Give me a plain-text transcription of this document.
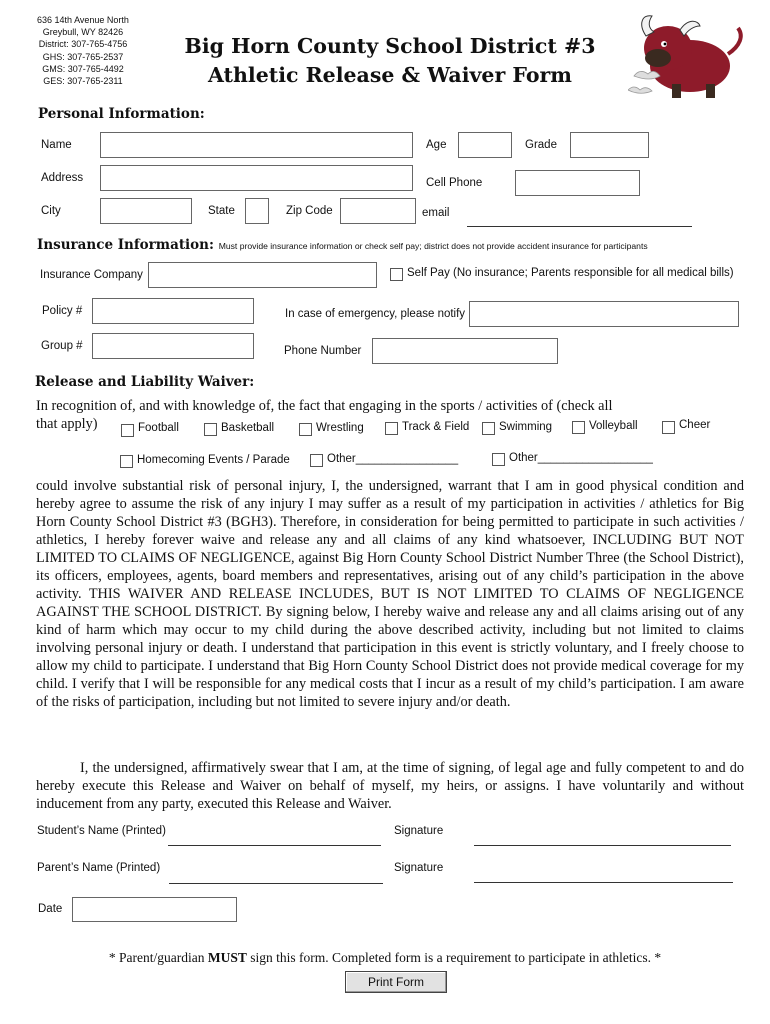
636 14th Avenue North
Greybull, WY 82426
District: 307-765-4756
GHS: 307-765-2537
GMS: 307-765-4492
GES: 307-765-2311
Big Horn County School District #3
Athletic Release & Waiver Form
Personal Information:
Name	Age	Grade
Address	Cell Phone
City	State	Zip Code	email
Insurance Information: Must provide insurance information or check self pay; district does not provide accident insurance for participants
Insurance Company	Self Pay (No insurance; Parents responsible for all medical bills)
Policy #	In case of emergency, please notify
Group #	Phone Number
Release and Liability Waiver:
In recognition of, and with knowledge of, the fact that engaging in the sports / activities of (check all
that apply)	Football	Basketball	Wrestling	Track & Field	Swimming	Volleyball	Cheer
Homecoming Events / Parade	Other________________	Other__________________
could involve substantial risk of personal injury, I, the undersigned, warrant that I am in good physical condition and hereby agree to assume the risk of any injury I may suffer as a result of my participation in activities / athletics for Big Horn County School District #3 (BGH3). Therefore, in consideration for being permitted to participate in such activities / athletics, I hereby forever waive and release any and all claims of any kind whatsoever, INCLUDING BUT NOT LIMITED TO CLAIMS OF NEGLIGENCE, against Big Horn County School District Number Three (the School District), its officers, employees, agents, board members and representatives, arising out of any child’s participation in the above activity. THIS WAIVER AND RELEASE INCLUDES, BUT IS NOT LIMITED TO CLAIMS OF NEGLIGENCE AGAINST THE SCHOOL DISTRICT. By signing below, I hereby waive and release any and all claims arising out of any kind of harm which may occur to my child during the above described activity, including but not limited to claims involving personal injury or death. I understand that participation in this event is strictly voluntary, and I freely choose to allow my child to participate. I understand that Big Horn County School District does not provide medical coverage for my child. I verify that I will be responsible for any medical costs that I incur as a result of my child’s participation. I am aware of the risks of participation, including but not limited to severe injury and/or death.
I, the undersigned, affirmatively swear that I am, at the time of signing, of legal age and fully competent to and do hereby execute this Release and Waiver on behalf of myself, my heirs, or assigns. I have voluntarily and without inducement from any party, executed this Release and Waiver.
Student’s Name (Printed)	Signature
Parent’s Name (Printed)	Signature
Date
* Parent/guardian MUST sign this form. Completed form is a requirement to participate in athletics. *
Print Form
